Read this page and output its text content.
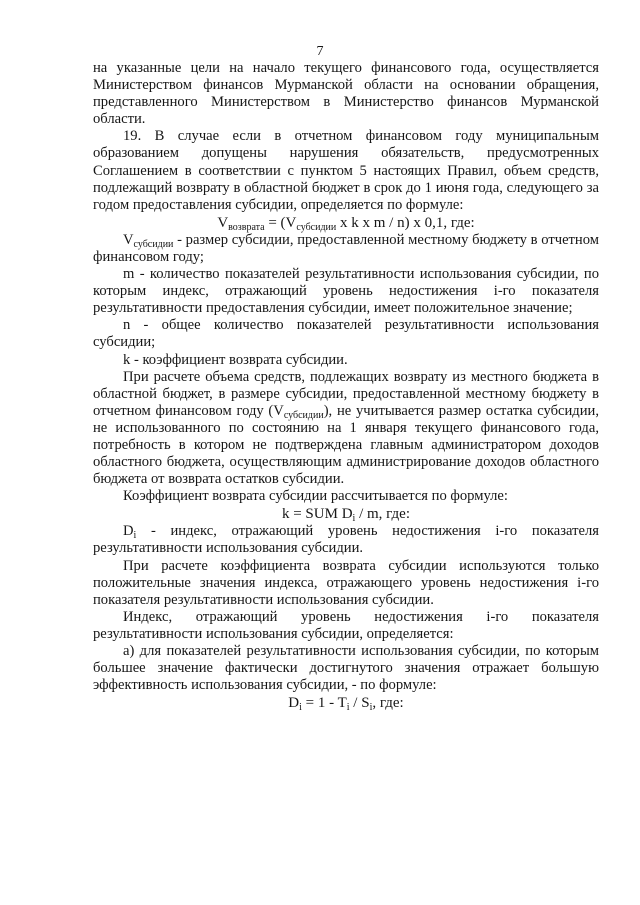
7

на указанные цели на начало текущего финансового года, осуществляется Министерством финансов Мурманской области на основании обращения, представленного Министерством в Министерство финансов Мурманской области.

19. В случае если в отчетном финансовом году муниципальным образованием допущены нарушения обязательств, предусмотренных Соглашением в соответствии с пунктом 5 настоящих Правил, объем средств, подлежащий возврату в областной бюджет в срок до 1 июня года, следующего за годом предоставления субсидии, определяется по формуле:

$V_{возврата} = (V_{субсидии}$ x k x m / n) x 0,1, где:

$V_{субсидии}$ - размер субсидии, предоставленной местному бюджету в отчетном финансовом году;

m - количество показателей результативности использования субсидии, по которым индекс, отражающий уровень недостижения i-го показателя результативности предоставления субсидии, имеет положительное значение;

n - общее количество показателей результативности использования субсидии;

k - коэффициент возврата субсидии.

При расчете объема средств, подлежащих возврату из местного бюджета в областной бюджет, в размере субсидии, предоставленной местному бюджету в отчетном финансовом году $(V_{субсидии})$, не учитывается размер остатка субсидии, не использованного по состоянию на 1 января текущего финансового года, потребность в котором не подтверждена главным администратором доходов областного бюджета, осуществляющим администрирование доходов областного бюджета от возврата остатков субсидии.

Коэффициент возврата субсидии рассчитывается по формуле:

k = SUM $D_i$ / m, где:

$D_i$ - индекс, отражающий уровень недостижения i-го показателя результативности использования субсидии.

При расчете коэффициента возврата субсидии используются только положительные значения индекса, отражающего уровень недостижения i-го показателя результативности использования субсидии.

Индекс, отражающий уровень недостижения i-го показателя результативности использования субсидии, определяется:

а) для показателей результативности использования субсидии, по которым большее значение фактически достигнутого значения отражает большую эффективность использования субсидии, - по формуле:

$D_i = 1 - T_i / S_i$, где:
